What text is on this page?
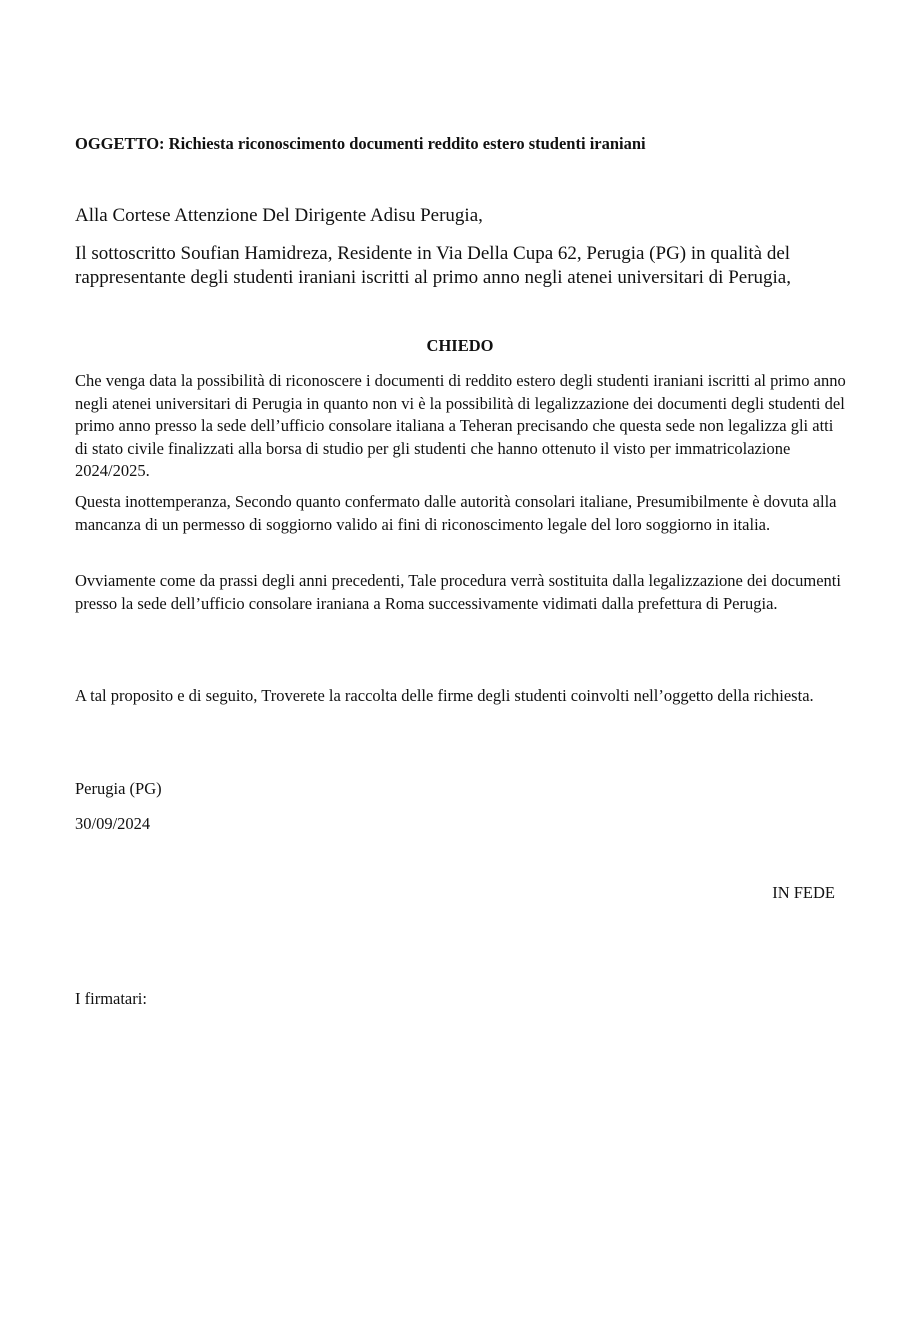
OGGETTO: Richiesta riconoscimento documenti reddito estero studenti iraniani

Alla Cortese Attenzione Del Dirigente Adisu Perugia,

Il sottoscritto Soufian Hamidreza, Residente in Via Della Cupa 62, Perugia (PG) in qualità del rappresentante degli studenti iraniani iscritti al primo anno negli atenei universitari di Perugia,

CHIEDO

Che venga data la possibilità di riconoscere i documenti di reddito estero degli studenti iraniani iscritti al primo anno negli atenei universitari di Perugia in quanto non vi è la possibilità di legalizzazione dei documenti degli studenti del primo anno presso la sede dell’ufficio consolare italiana a Teheran precisando che questa sede non legalizza gli atti di stato civile finalizzati alla borsa di studio per gli studenti che hanno ottenuto il visto per immatricolazione 2024/2025.

Questa inottemperanza, Secondo quanto confermato dalle autorità consolari italiane, Presumibilmente è dovuta alla mancanza di un permesso di soggiorno valido ai fini di riconoscimento legale del loro soggiorno in italia.

Ovviamente come da prassi degli anni precedenti, Tale procedura verrà sostituita dalla legalizzazione dei documenti presso la sede dell’ufficio consolare iraniana a Roma successivamente vidimati dalla prefettura di Perugia.

A tal proposito e di seguito, Troverete la raccolta delle firme degli studenti coinvolti nell’oggetto della richiesta.

Perugia (PG)

30/09/2024

IN FEDE

I firmatari:
